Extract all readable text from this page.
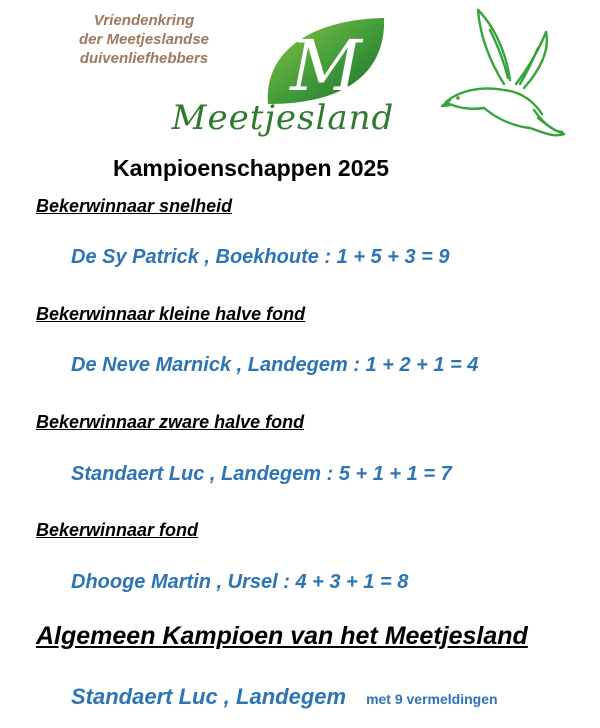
Vriendenkring
der Meetjeslandse
duivenliefhebbers	M
Meetjesland
Kampioenschappen 2025
Bekerwinnaar snelheid
De Sy Patrick , Boekhoute : 1 + 5 + 3 = 9
Bekerwinnaar kleine halve fond
De Neve Marnick , Landegem : 1 + 2 + 1 = 4
Bekerwinnaar zware halve fond
Standaert Luc , Landegem : 5 + 1 + 1 = 7
Bekerwinnaar fond
Dhooge Martin , Ursel : 4 + 3 + 1 = 8
Algemeen Kampioen van het Meetjesland
Standaert Luc , Landegem met 9 vermeldingen
